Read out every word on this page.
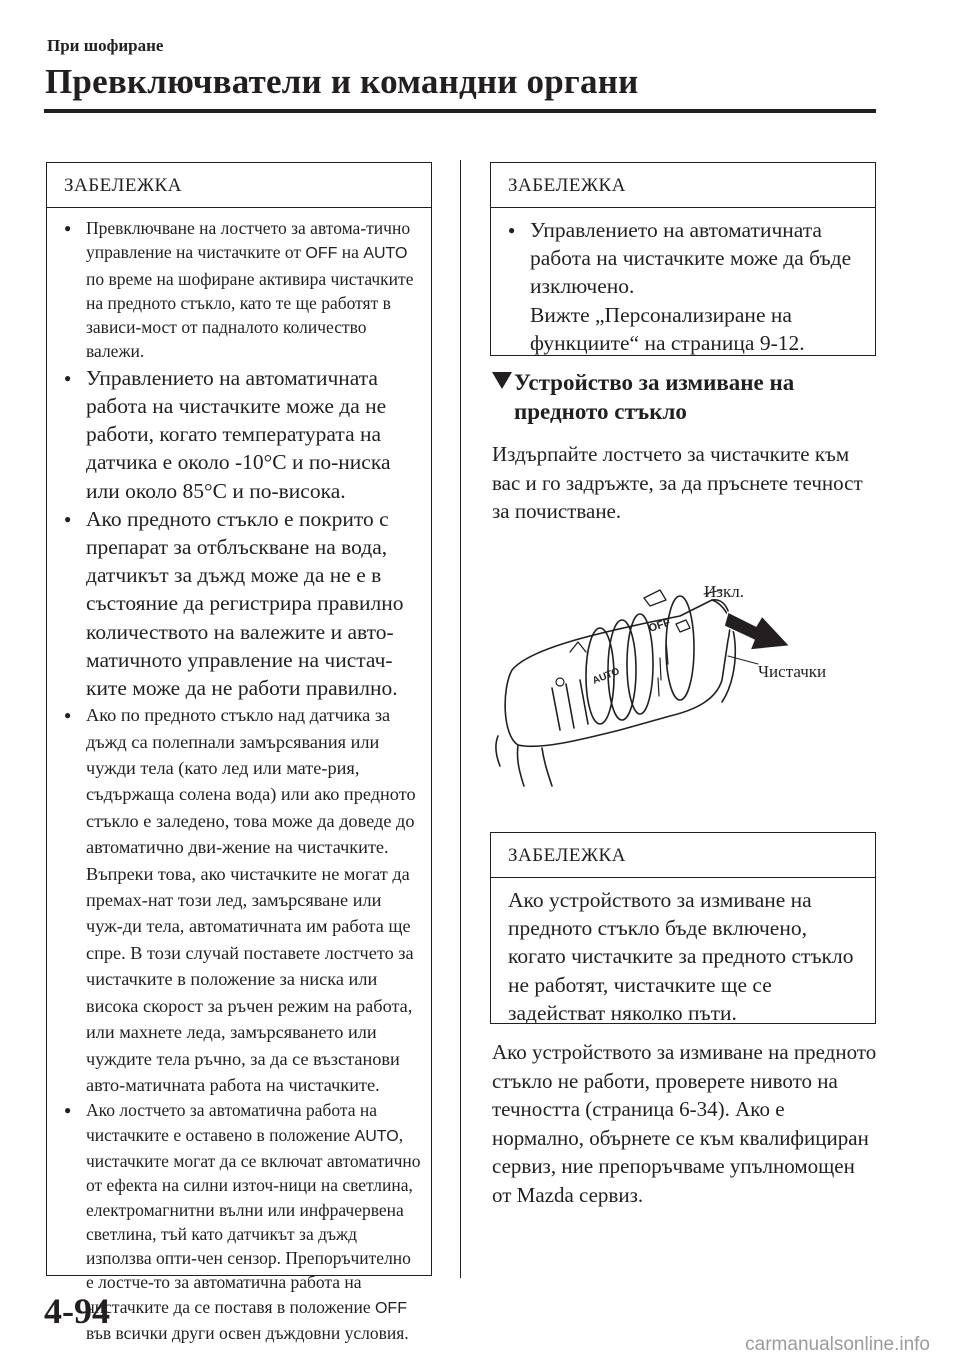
При шофиране
Превключватели и командни органи
ЗАБЕЛЕЖКА
● Превключване на лостчето за автома-тично управление на чистачките от OFF на AUTO по време на шофиране активира чистачките на предното стъкло, като те ще работят в зависи-мост от падналото количество валежи.
● Управлението на автоматичната работа на чистачките може да не работи, когато температурата на датчика е около -10°C и по-ниска или около 85°C и по-висока.
● Ако предното стъкло е покрито с препарат за отблъскване на вода, датчикът за дъжд може да не е в състояние да регистрира правилно количеството на валежите и авто-матичното управление на чистач-ките може да не работи правилно.
● Ако по предното стъкло над датчика за дъжд са полепнали замърсявания или чужди тела (като лед или мате-рия, съдържаща солена вода) или ако предното стъкло е заледено, това може да доведе до автоматично дви-жение на чистачките. Въпреки това, ако чистачките не могат да премах-нат този лед, замърсяване или чуж-ди тела, автоматичната им работа ще спре. В този случай поставете лостчето за чистачките в положение за ниска или висока скорост за ръчен режим на работа, или махнете леда, замърсяването или чуждите тела ръчно, за да се възстанови авто-матичната работа на чистачките.
● Ако лостчето за автоматична работа на чистачките е оставено в положение AUTO, чистачките могат да се включат автоматично от ефекта на силни източ-ници на светлина, електромагнитни вълни или инфрачервена светлина, тъй като датчикът за дъжд използва опти-чен сензор. Препоръчително е лостче-то за автоматична работа на чистачките да се поставя в положение OFF във всички други освен дъждовни условия.
ЗАБЕЛЕЖКА
● Управлението на автоматичната работа на чистачките може да бъде изключено.
Вижте „Персонализиране на функциите“ на страница 9-12.
Устройство за измиване на предното стъкло

Издърпайте лостчето за чистачките към вас и го задръжте, за да пръснете течност за почистване.

OFF
AUTO
Изкл.
Чистачки
ЗАБЕЛЕЖКА

Ако устройството за измиване на предното стъкло бъде включено, когато чистачките за предното стъкло не работят, чистачките ще се задействат няколко пъти.

Ако устройството за измиване на предното стъкло не работи, проверете нивото на течността (страница 6-34). Ако е нормално, обърнете се към квалифициран сервиз, ние препоръчваме упълномощен от Mazda сервиз.

4-94
carmanualsonline.info
